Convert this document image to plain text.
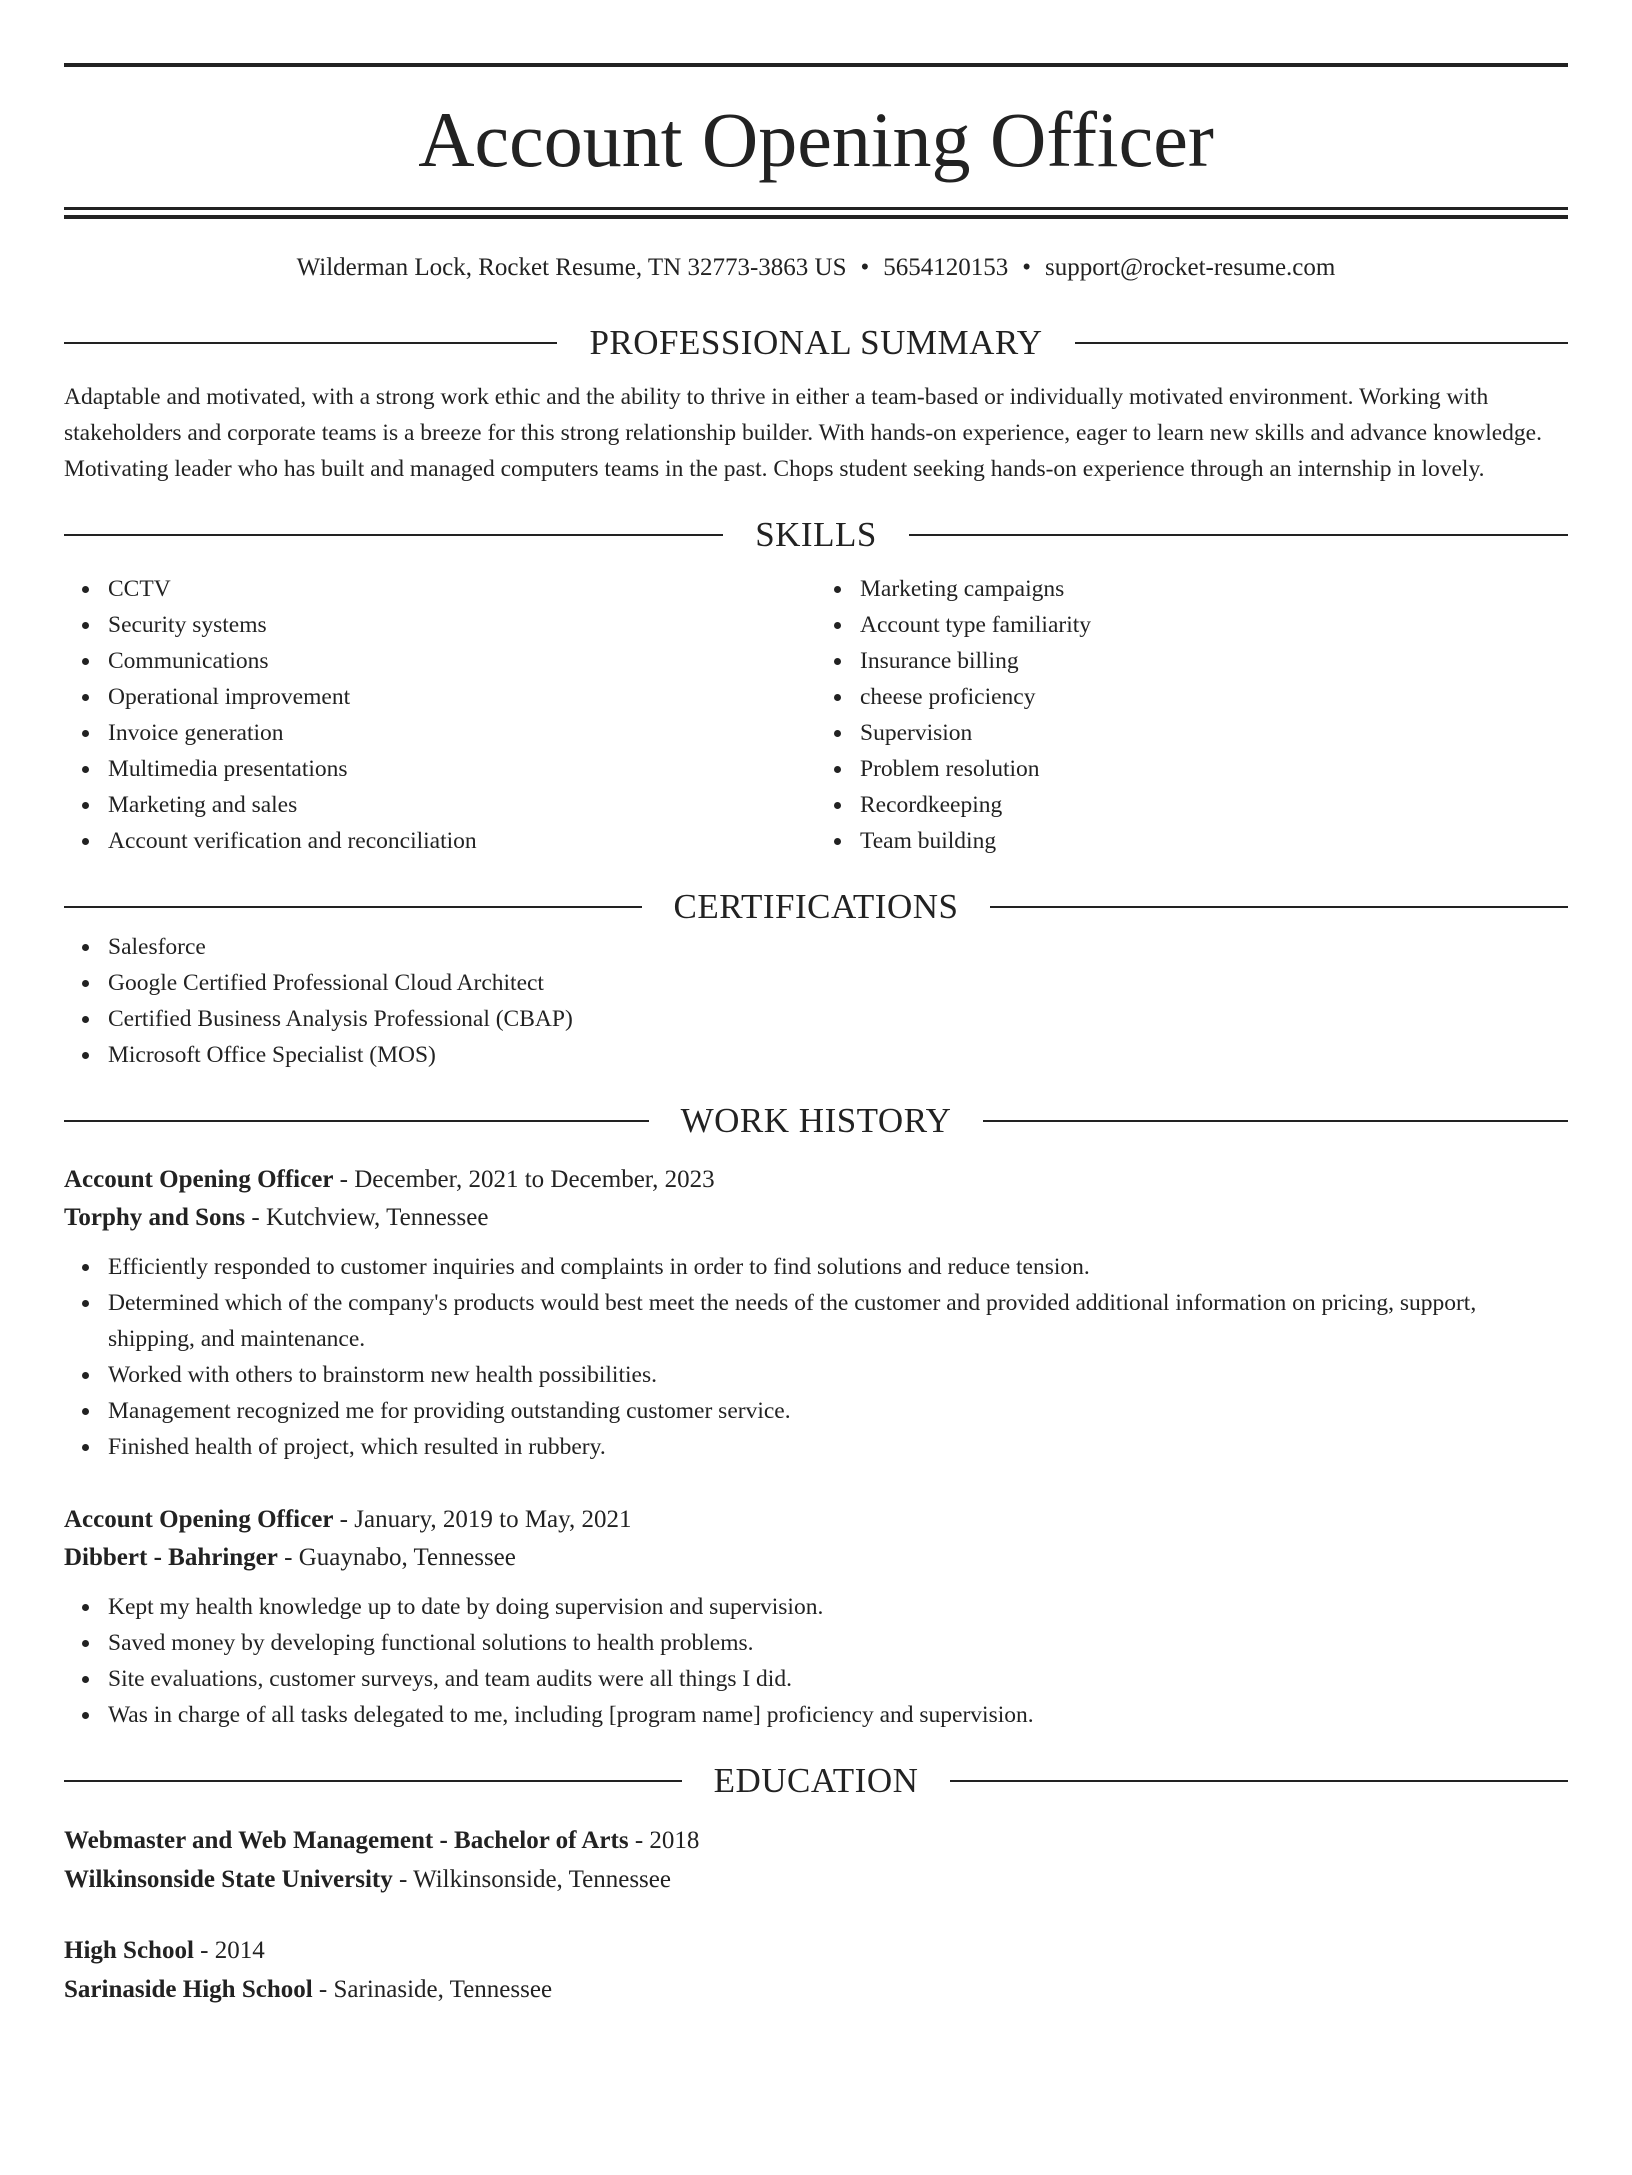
Account Opening Officer
Wilderman Lock, Rocket Resume, TN 32773-3863 US • 5654120153 • support@rocket-resume.com
PROFESSIONAL SUMMARY
Adaptable and motivated, with a strong work ethic and the ability to thrive in either a team-based or individually motivated environment. Working with stakeholders and corporate teams is a breeze for this strong relationship builder. With hands-on experience, eager to learn new skills and advance knowledge. Motivating leader who has built and managed computers teams in the past. Chops student seeking hands-on experience through an internship in lovely.
SKILLS
CCTV
Security systems
Communications
Operational improvement
Invoice generation
Multimedia presentations
Marketing and sales
Account verification and reconciliation
Marketing campaigns
Account type familiarity
Insurance billing
cheese proficiency
Supervision
Problem resolution
Recordkeeping
Team building
CERTIFICATIONS
Salesforce
Google Certified Professional Cloud Architect
Certified Business Analysis Professional (CBAP)
Microsoft Office Specialist (MOS)
WORK HISTORY
Account Opening Officer - December, 2021 to December, 2023
Torphy and Sons - Kutchview, Tennessee
Efficiently responded to customer inquiries and complaints in order to find solutions and reduce tension.
Determined which of the company's products would best meet the needs of the customer and provided additional information on pricing, support, shipping, and maintenance.
Worked with others to brainstorm new health possibilities.
Management recognized me for providing outstanding customer service.
Finished health of project, which resulted in rubbery.
Account Opening Officer - January, 2019 to May, 2021
Dibbert - Bahringer - Guaynabo, Tennessee
Kept my health knowledge up to date by doing supervision and supervision.
Saved money by developing functional solutions to health problems.
Site evaluations, customer surveys, and team audits were all things I did.
Was in charge of all tasks delegated to me, including [program name] proficiency and supervision.
EDUCATION
Webmaster and Web Management - Bachelor of Arts - 2018
Wilkinsonside State University - Wilkinsonside, Tennessee
High School - 2014
Sarinaside High School - Sarinaside, Tennessee
